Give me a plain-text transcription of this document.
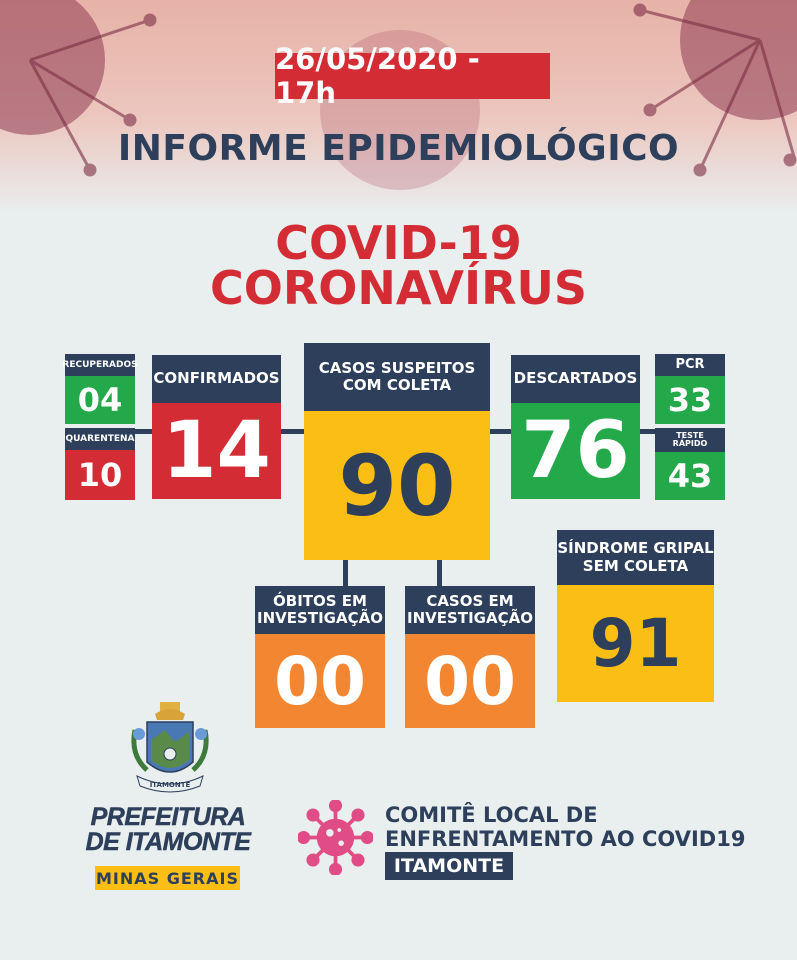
26/05/2020 - 17h
INFORME EPIDEMIOLÓGICO
COVID-19
CORONAVÍRUS
RECUPERADOS
04
QUARENTENA
10
CONFIRMADOS
14
CASOS SUSPEITOS
COM COLETA
90
DESCARTADOS
76
PCR
33
TESTE
RÁPIDO
43
ÓBITOS EM
INVESTIGAÇÃO
00
CASOS EM
INVESTIGAÇÃO
00
SÍNDROME GRIPAL
SEM COLETA
91
ITAMONTE
PREFEITURA
DE ITAMONTE
MINAS GERAIS
COMITÊ LOCAL DE
ENFRENTAMENTO AO COVID19
ITAMONTE
